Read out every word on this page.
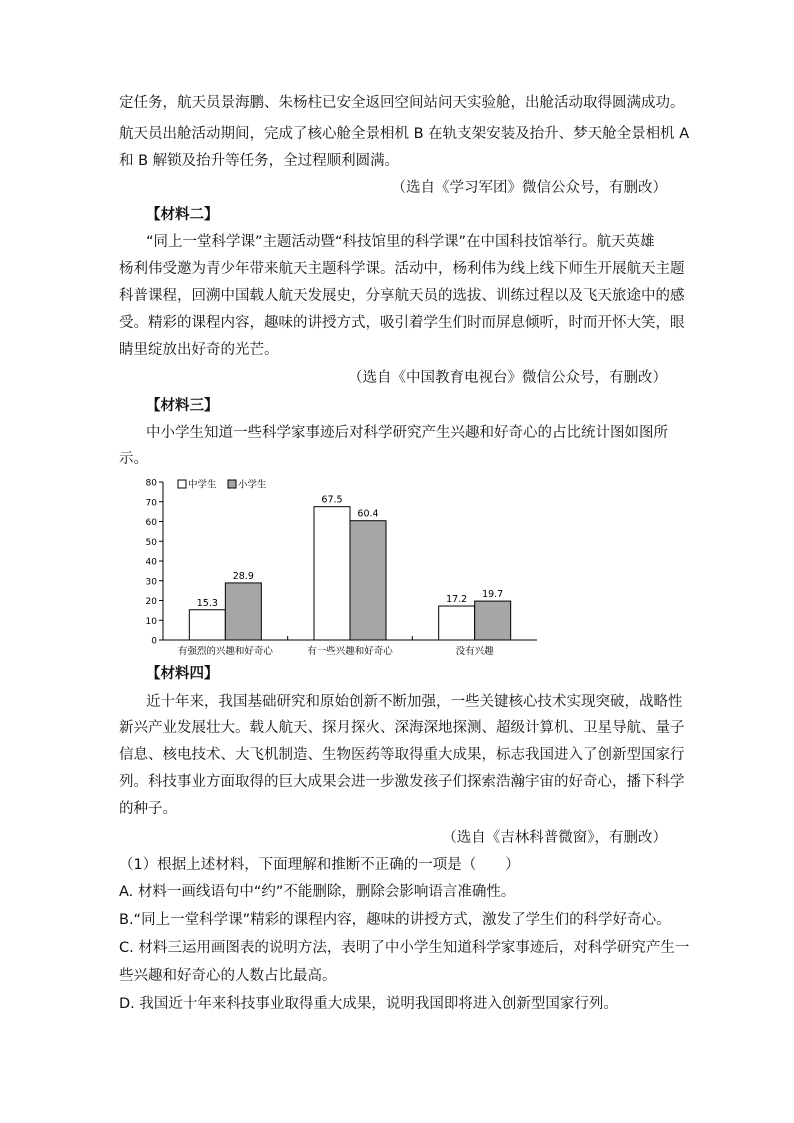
定任务，航天员景海鹏、朱杨柱已安全返回空间站问天实验舱，出舱活动取得圆满成功。
航天员出舱活动期间，完成了核心舱全景相机 B 在轨支架安装及抬升、梦天舱全景相机 A
和 B 解锁及抬升等任务，全过程顺利圆满。
（选自《学习军团》微信公众号，有删改）
【材料二】
“同上一堂科学课”主题活动暨“科技馆里的科学课”在中国科技馆举行。航天英雄
杨利伟受邀为青少年带来航天主题科学课。活动中，杨利伟为线上线下师生开展航天主题
科普课程，回溯中国载人航天发展史，分享航天员的选拔、训练过程以及飞天旅途中的感
受。精彩的课程内容，趣味的讲授方式，吸引着学生们时而屏息倾听，时而开怀大笑，眼
睛里绽放出好奇的光芒。
（选自《中国教育电视台》微信公众号，有删改）
【材料三】
中小学生知道一些科学家事迹后对科学研究产生兴趣和好奇心的占比统计图如图所
示。
0
10
20
30
40
50
60
70
80
15.3
28.9
有强烈的兴趣和好奇心
67.5
60.4
有一些兴趣和好奇心
17.2 19.7
没有兴趣
中学生 小学生
【材料四】
近十年来，我国基础研究和原始创新不断加强，一些关键核心技术实现突破，战略性
新兴产业发展壮大。载人航天、探月探火、深海深地探测、超级计算机、卫星导航、量子
信息、核电技术、大飞机制造、生物医药等取得重大成果，标志我国进入了创新型国家行
列。科技事业方面取得的巨大成果会进一步激发孩子们探索浩瀚宇宙的好奇心，播下科学
的种子。
（选自《吉林科普微窗》，有删改）
（1）根据上述材料，下面理解和推断不正确的一项是（　　）
A. 材料一画线语句中“约”不能删除，删除会影响语言准确性。
B.“同上一堂科学课”精彩的课程内容，趣味的讲授方式，激发了学生们的科学好奇心。
C. 材料三运用画图表的说明方法，表明了中小学生知道科学家事迹后，对科学研究产生一
些兴趣和好奇心的人数占比最高。
D. 我国近十年来科技事业取得重大成果，说明我国即将进入创新型国家行列。
